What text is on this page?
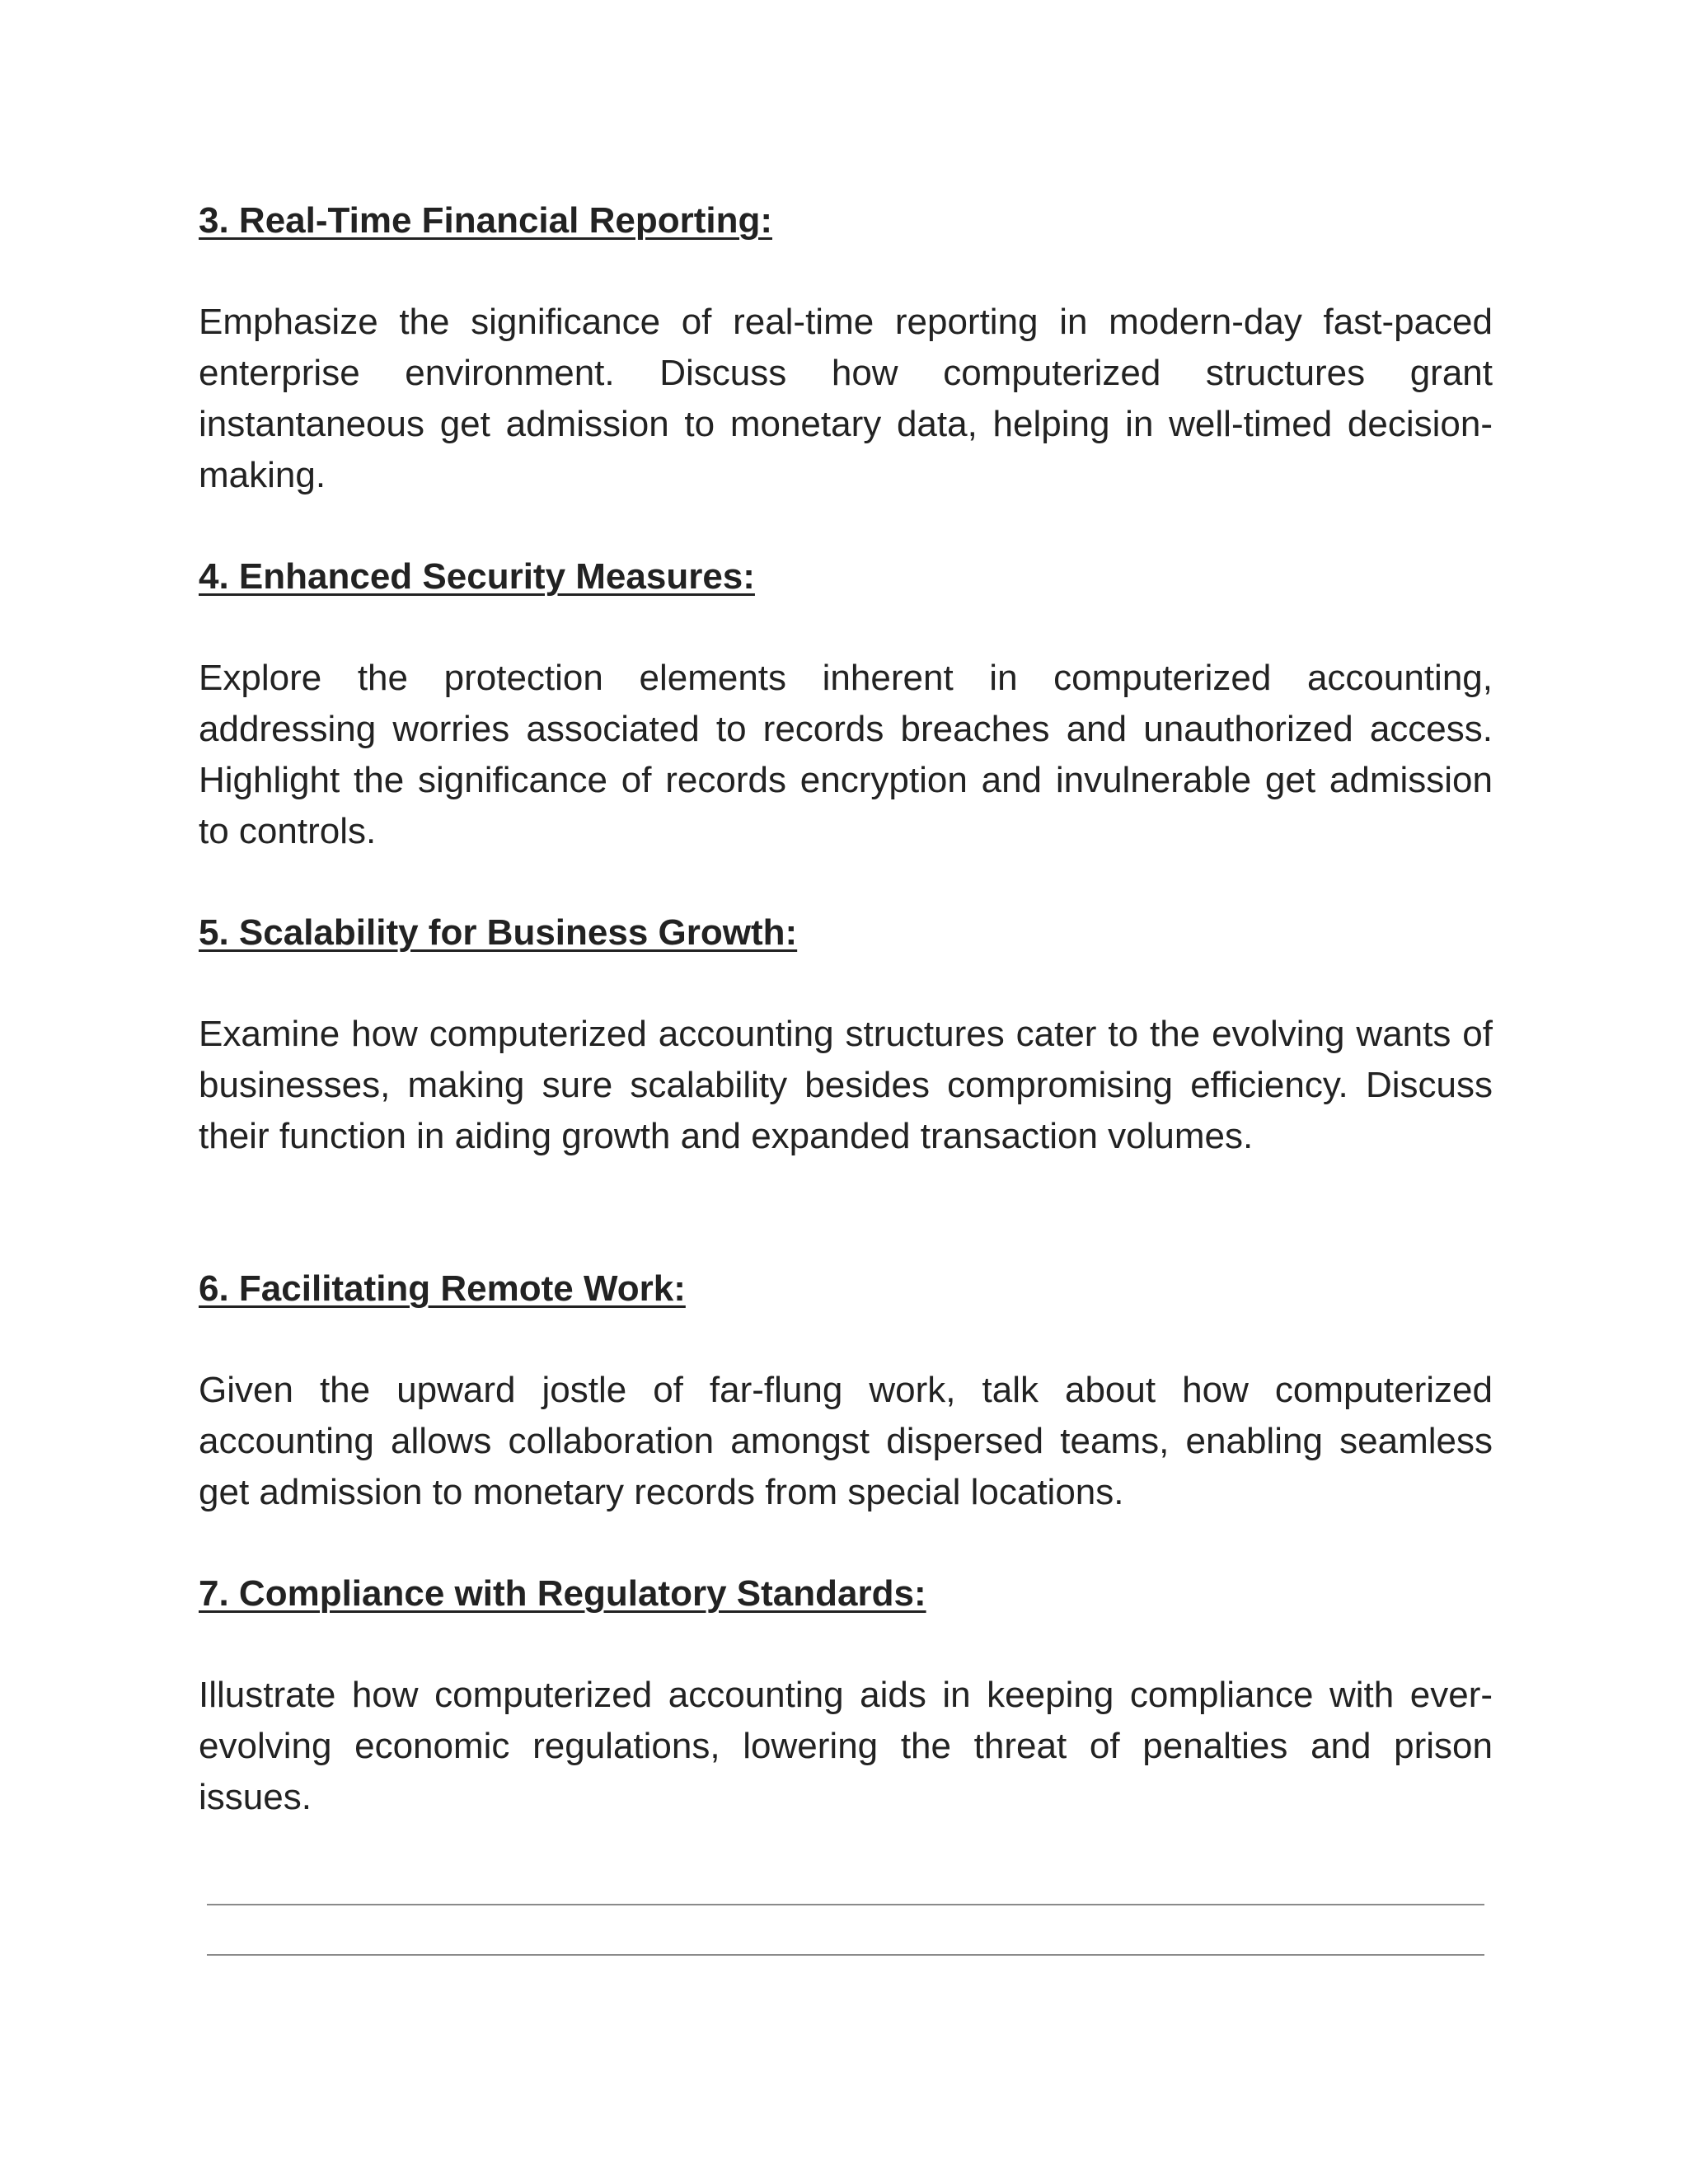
3. Real-Time Financial Reporting:

Emphasize the significance of real-time reporting in modern-day fast-paced enterprise environment. Discuss how computerized structures grant instantaneous get admission to monetary data, helping in well-timed decision-making.

4. Enhanced Security Measures:

Explore the protection elements inherent in computerized accounting, addressing worries associated to records breaches and unauthorized access. Highlight the significance of records encryption and invulnerable get admission to controls.

5. Scalability for Business Growth:

Examine how computerized accounting structures cater to the evolving wants of businesses, making sure scalability besides compromising efficiency. Discuss their function in aiding growth and expanded transaction volumes.

6. Facilitating Remote Work:

Given the upward jostle of far-flung work, talk about how computerized accounting allows collaboration amongst dispersed teams, enabling seamless get admission to monetary records from special locations.

7. Compliance with Regulatory Standards:

Illustrate how computerized accounting aids in keeping compliance with ever-evolving economic regulations, lowering the threat of penalties and prison issues.
